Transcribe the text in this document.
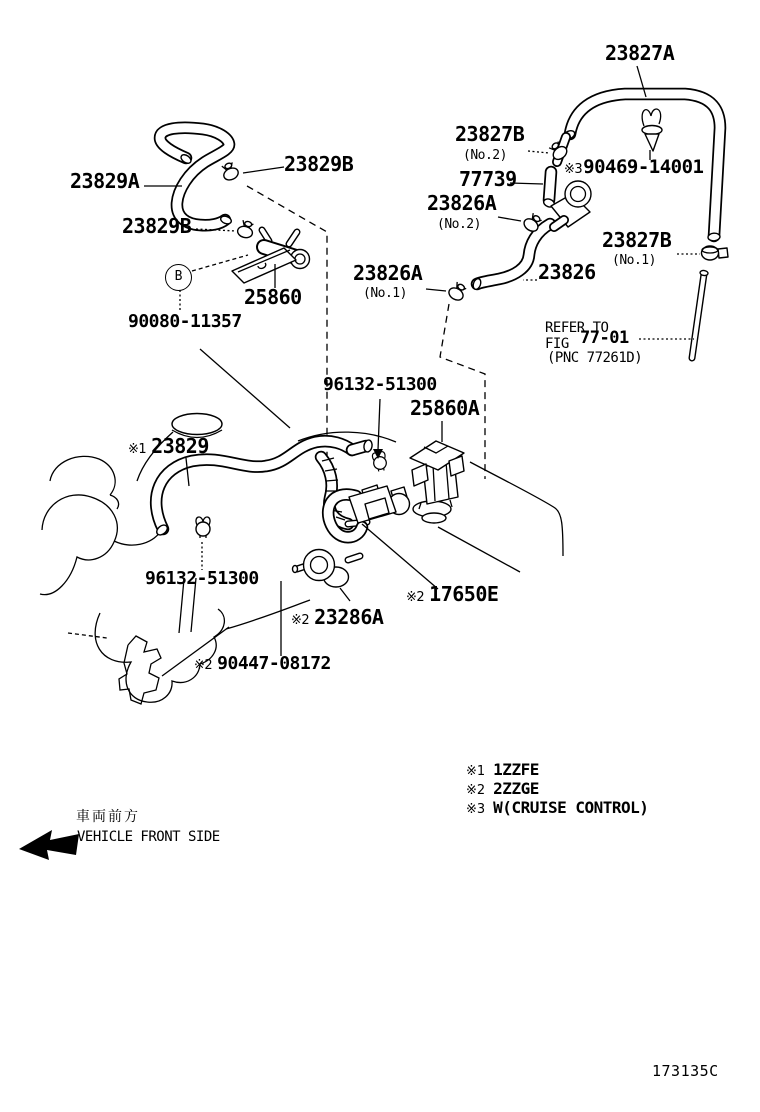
23827A
23827B
(No.2)
77739	※3 90469-14001
23826A
(No.2)
23827B
(No.1)
23826
23826A
(No.1)
REFER TO
FIG 77-01
(PNC 77261D)
23829A
23829B
23829B
25860
B
90080-11357
96132-51300
25860A
※1 23829
96132-51300
※2 17650E
※2 23286A
※2 90447-08172
※1 1ZZFE
※2 2ZZGE
※3 W(CRUISE CONTROL)
車両前方
VEHICLE FRONT SIDE
173135C
